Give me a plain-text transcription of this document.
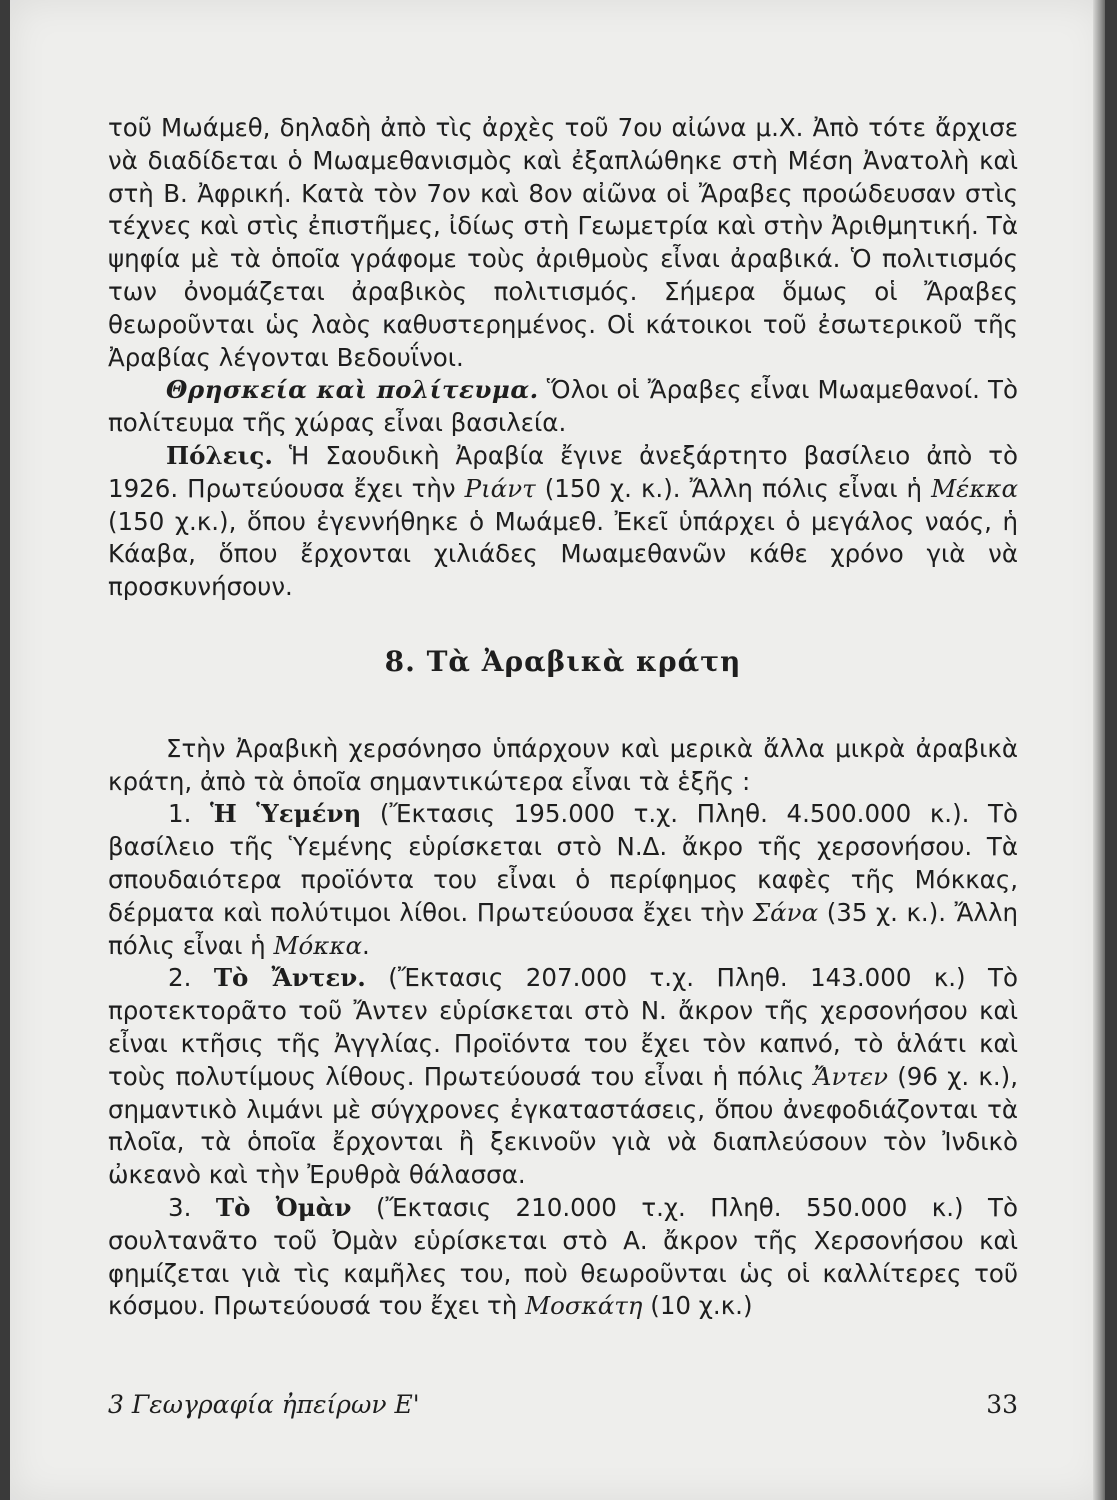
τοῦ Μωάμεθ, δηλαδὴ ἀπὸ τὶς ἀρχὲς τοῦ 7ου αἰώνα μ.Χ. Ἀπὸ τότε ἄρχισε νὰ διαδίδεται ὁ Μωαμεθανισμὸς καὶ ἐξαπλώθηκε στὴ Μέση Ἀνατολὴ καὶ στὴ Β. Ἀφρική. Κατὰ τὸν 7ον καὶ 8ον αἰῶνα οἱ Ἄραβες προώδευσαν στὶς τέχνες καὶ στὶς ἐπιστῆμες, ἰδίως στὴ Γεωμετρία καὶ στὴν Ἀριθμητική. Τὰ ψηφία μὲ τὰ ὁποῖα γράφομε τοὺς ἀριθμοὺς εἶναι ἀραβικά. Ὁ πολιτισμός των ὀνομάζεται ἀραβικὸς πολιτισμός. Σήμερα ὅμως οἱ Ἄραβες θεωροῦνται ὡς λαὸς καθυστερημένος. Οἱ κάτοικοι τοῦ ἐσωτερικοῦ τῆς Ἀραβίας λέγονται Βεδουΐνοι.

Θρησκεία καὶ πολίτευμα. Ὅλοι οἱ Ἄραβες εἶναι Μωαμεθανοί. Τὸ πολίτευμα τῆς χώρας εἶναι βασιλεία.

Πόλεις. Ἡ Σαουδικὴ Ἀραβία ἔγινε ἀνεξάρτητο βασίλειο ἀπὸ τὸ 1926. Πρωτεύουσα ἔχει τὴν Ριάντ (150 χ. κ.). Ἄλλη πόλις εἶναι ἡ Μέκκα (150 χ.κ.), ὅπου ἐγεννήθηκε ὁ Μωάμεθ. Ἐκεῖ ὑπάρχει ὁ μεγάλος ναός, ἡ Κάαβα, ὅπου ἔρχονται χιλιάδες Μωαμεθανῶν κάθε χρόνο γιὰ νὰ προσκυνήσουν.

8. Τὰ Ἀραβικὰ κράτη

Στὴν Ἀραβικὴ χερσόνησο ὑπάρχουν καὶ μερικὰ ἄλλα μικρὰ ἀραβικὰ κράτη, ἀπὸ τὰ ὁποῖα σημαντικώτερα εἶναι τὰ ἑξῆς :

1. Ἡ Ὑεμένη (Ἔκτασις 195.000 τ.χ. Πληθ. 4.500.000 κ.). Τὸ βασίλειο τῆς Ὑεμένης εὑρίσκεται στὸ Ν.Δ. ἄκρο τῆς χερσονήσου. Τὰ σπουδαιότερα προϊόντα του εἶναι ὁ περίφημος καφὲς τῆς Μόκκας, δέρματα καὶ πολύτιμοι λίθοι. Πρωτεύουσα ἔχει τὴν Σάνα (35 χ. κ.). Ἄλλη πόλις εἶναι ἡ Μόκκα.

2. Τὸ Ἄντεν. (Ἔκτασις 207.000 τ.χ. Πληθ. 143.000 κ.) Τὸ προτεκτορᾶτο τοῦ Ἄντεν εὑρίσκεται στὸ Ν. ἄκρον τῆς χερσονήσου καὶ εἶναι κτῆσις τῆς Ἀγγλίας. Προϊόντα του ἔχει τὸν καπνό, τὸ ἁλάτι καὶ τοὺς πολυτίμους λίθους. Πρωτεύουσά του εἶναι ἡ πόλις Ἄντεν (96 χ. κ.), σημαντικὸ λιμάνι μὲ σύγχρονες ἐγκαταστάσεις, ὅπου ἀνεφοδιάζονται τὰ πλοῖα, τὰ ὁποῖα ἔρχονται ἢ ξεκινοῦν γιὰ νὰ διαπλεύσουν τὸν Ἰνδικὸ ὠκεανὸ καὶ τὴν Ἐρυθρὰ θάλασσα.

3. Τὸ Ὀμὰν (Ἔκτασις 210.000 τ.χ. Πληθ. 550.000 κ.) Τὸ σουλτανᾶτο τοῦ Ὀμὰν εὑρίσκεται στὸ Α. ἄκρον τῆς Χερσονήσου καὶ φημίζεται γιὰ τὶς καμῆλες του, ποὺ θεωροῦνται ὡς οἱ καλλίτερες τοῦ κόσμου. Πρωτεύουσά του ἔχει τὴ Μοσκάτη (10 χ.κ.)

3 Γεωγραφία ἠπείρων Ε'	33
